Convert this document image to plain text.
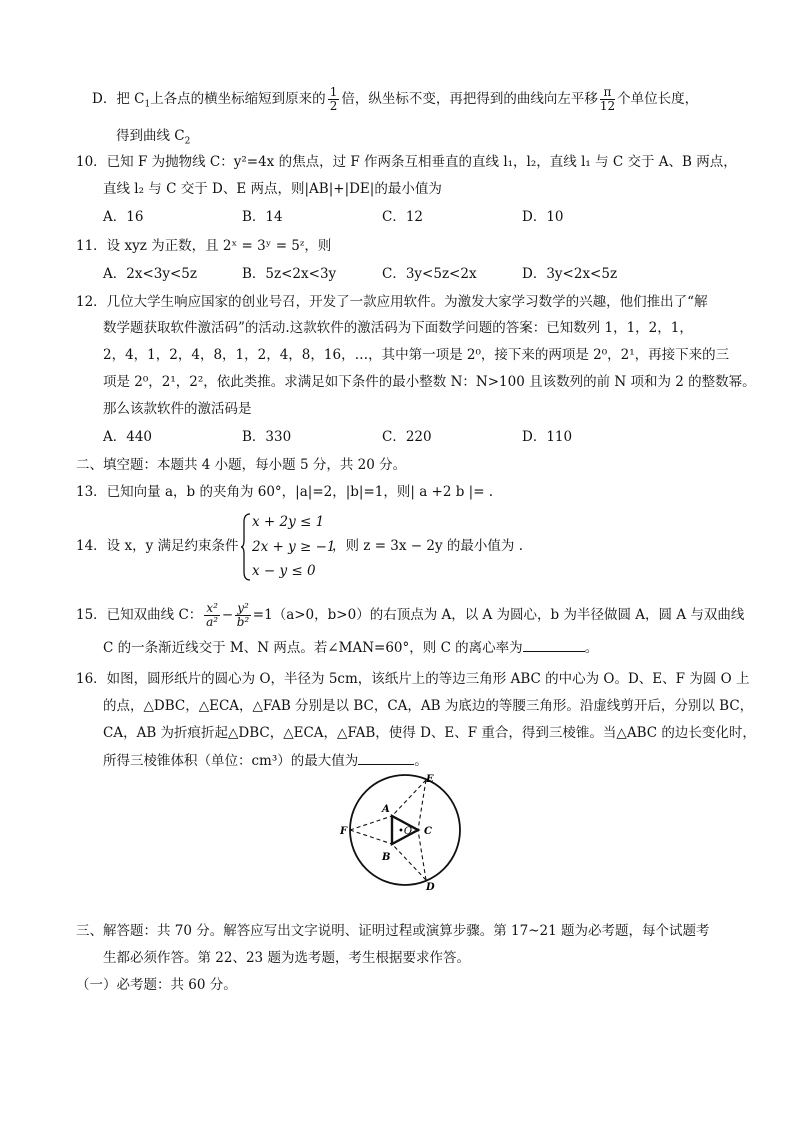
D．把 $C_1$上各点的横坐标缩短到原来的 $\frac{1}{2}$ 倍，纵坐标不变，再把得到的曲线向左平移 $\frac{\pi}{12}$ 个单位长度，
得到曲线 $C_2$
10．已知 F 为抛物线 C：y²=4x 的焦点，过 F 作两条互相垂直的直线 l₁，l₂，直线 l₁ 与 C 交于 A、B 两点，
直线 l₂ 与 C 交于 D、E 两点，则|AB|+|DE|的最小值为
A．16	B．14	C．12	D．10
11．设 xyz 为正数，且 2ˣ = 3ʸ = 5ᶻ，则
A．2x<3y<5z	B．5z<2x<3y	C．3y<5z<2x	D．3y<2x<5z
12．几位大学生响应国家的创业号召，开发了一款应用软件。为激发大家学习数学的兴趣，他们推出了“解
数学题获取软件激活码”的活动.这款软件的激活码为下面数学问题的答案：已知数列 1，1，2，1，
2，4，1，2，4，8，1，2，4，8，16，…，其中第一项是 2⁰，接下来的两项是 2⁰，2¹，再接下来的三
项是 2⁰，2¹，2²，依此类推。求满足如下条件的最小整数 N：N>100 且该数列的前 N 项和为 2 的整数幂。
那么该款软件的激活码是
A．440	B．330	C．220	D．110
二、填空题：本题共 4 小题，每小题 5 分，共 20 分。
13．已知向量 a，b 的夹角为 60°，|a|=2，|b|=1，则| a +2 b |= .
14．设 x，y 满足约束条件
x + 2y ≤ 1
2x + y ≥ −1
x − y ≤ 0
，则 z = 3x − 2y 的最小值为 .
15．已知双曲线 C： $\frac{\text{x²}}{\text{a²}} - \frac{\text{y²}}{\text{b²}} =1(a>0$，b>0）的右顶点为 A，以 A 为圆心，b 为半径做圆 A，圆 A 与双曲线
C 的一条渐近线交于 M、N 两点。若∠MAN=60°，则 C 的离心率为	。
16．如图，圆形纸片的圆心为 O，半径为 5cm，该纸片上的等边三角形 ABC 的中心为 O。D、E、F 为圆 O 上
的点，△DBC，△ECA，△FAB 分别是以 BC，CA，AB 为底边的等腰三角形。沿虚线剪开后，分别以 BC，
CA，AB 为折痕折起△DBC，△ECA，△FAB，使得 D、E、F 重合，得到三棱锥。当△ABC 的边长变化时，
所得三棱锥体积（单位：cm³）的最大值为	。
A
B
C
D
E
F	•O
三、解答题：共 70 分。解答应写出文字说明、证明过程或演算步骤。第 17~21 题为必考题，每个试题考
生都必须作答。第 22、23 题为选考题，考生根据要求作答。
（一）必考题：共 60 分。
